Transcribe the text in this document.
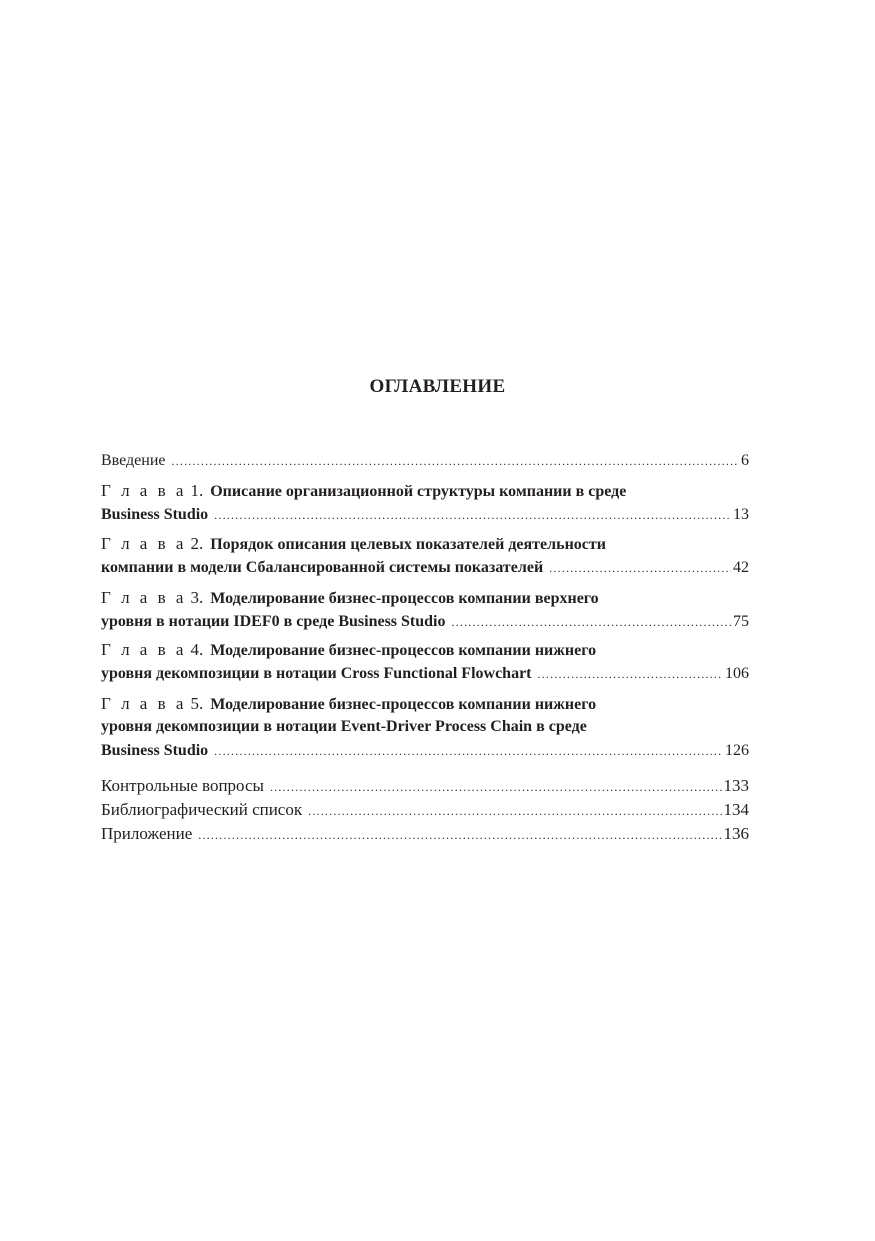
ОГЛАВЛЕНИЕ
Введение .....	6
Г л а в а 1. Описание организационной структуры компании в среде
Business Studio .....	13
Г л а в а 2. Порядок описания целевых показателей деятельности
компании в модели Сбалансированной системы показателей .....	42
Г л а в а 3. Моделирование бизнес-процессов компании верхнего
уровня в нотации IDEF0 в среде Business Studio .....	75
Г л а в а 4. Моделирование бизнес-процессов компании нижнего
уровня декомпозиции в нотации Cross Functional Flowchart .....	106
Г л а в а 5. Моделирование бизнес-процессов компании нижнего
уровня декомпозиции в нотации Event-Driver Process Chain в среде
Business Studio .....	126
Контрольные вопросы .....	133
Библиографический список .....	134
Приложение .....	136
